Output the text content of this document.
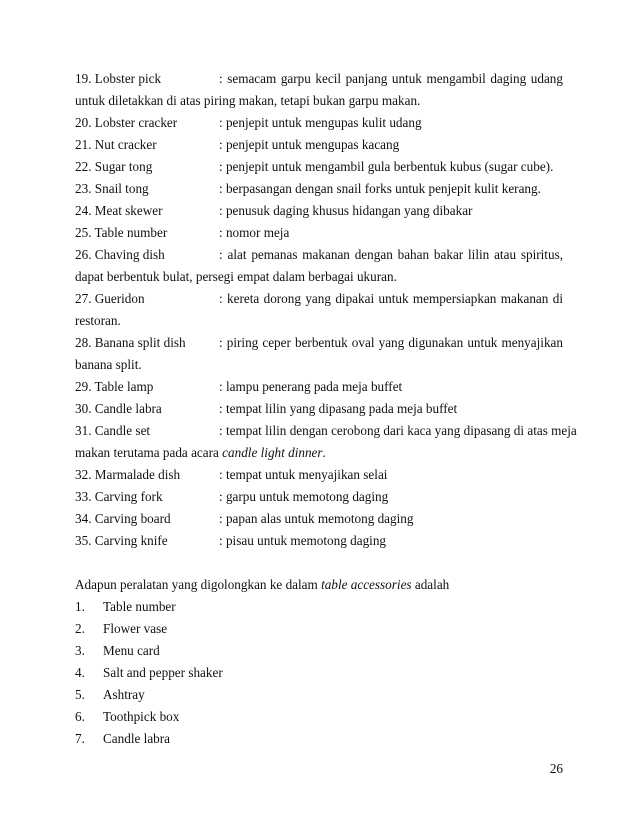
19. Lobster pick	: semacam garpu kecil panjang untuk mengambil daging udang
untuk diletakkan di atas piring makan, tetapi bukan garpu makan.
20. Lobster cracker	: penjepit untuk mengupas kulit udang
21. Nut cracker	: penjepit untuk mengupas kacang
22. Sugar tong	: penjepit untuk mengambil gula berbentuk kubus (sugar cube).
23. Snail tong	: berpasangan dengan snail forks untuk penjepit kulit kerang.
24. Meat skewer	: penusuk daging khusus hidangan yang dibakar
25. Table number	: nomor meja
26. Chaving dish	: alat pemanas makanan dengan bahan bakar lilin atau spiritus,
dapat berbentuk bulat, persegi empat dalam berbagai ukuran.
27. Gueridon	: kereta dorong yang dipakai untuk mempersiapkan makanan di
restoran.
28. Banana split dish	: piring ceper berbentuk oval yang digunakan untuk menyajikan
banana split.
29. Table lamp	: lampu penerang pada meja buffet
30. Candle labra	: tempat lilin yang dipasang pada meja buffet
31. Candle set	: tempat lilin dengan cerobong dari kaca yang dipasang di atas meja
makan terutama pada acara candle light dinner.
32. Marmalade dish	: tempat untuk menyajikan selai
33. Carving fork	: garpu untuk memotong daging
34. Carving board	: papan alas untuk memotong daging
35. Carving knife	: pisau untuk memotong daging
Adapun peralatan yang digolongkan ke dalam table accessories adalah
1. Table number
2. Flower vase
3. Menu card
4. Salt and pepper shaker
5. Ashtray
6. Toothpick box
7. Candle labra
26
